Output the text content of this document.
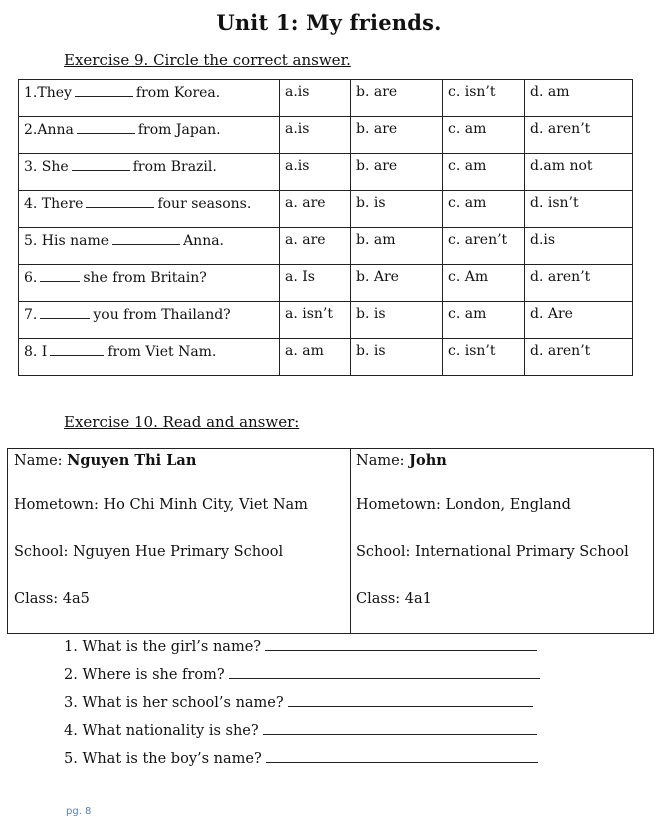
Unit 1: My friends.
Exercise 9. Circle the correct answer.
1.They from Korea.	a.is	b. are	c. isn’t	d. am
2.Anna from Japan.	a.is	b. are	c. am	d. aren’t
3. She from Brazil.	a.is	b. are	c. am	d.am not
4. There four seasons.	a. are	b. is	c. am	d. isn’t
5. His name Anna.	a. are	b. am	c. aren’t	d.is
6. she from Britain?	a. Is	b. Are	c. Am	d. aren’t
7. you from Thailand?	a. isn’t	b. is	c. am	d. Are
8. I from Viet Nam.	a. am	b. is	c. isn’t	d. aren’t
Exercise 10. Read and answer:
Name: Nguyen Thi Lan
Hometown: Ho Chi Minh City, Viet Nam
School: Nguyen Hue Primary School
Class: 4a5
Name: John
Hometown: London, England
School: International Primary School
Class: 4a1
1. What is the girl’s name?
2. Where is she from?
3. What is her school’s name?
4. What nationality is she?
5. What is the boy’s name?
pg. 8
